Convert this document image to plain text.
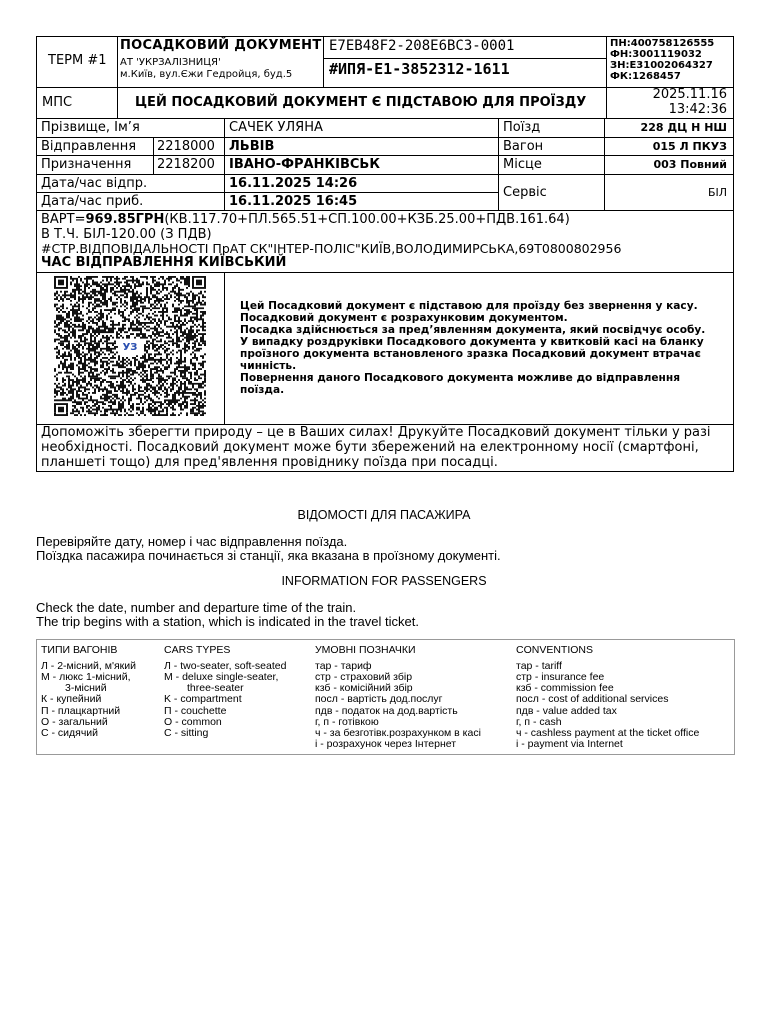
ТЕРМ #1
ПОСАДКОВИЙ ДОКУМЕНТ
АТ 'УКРЗАЛІЗНИЦЯ'
м.Київ, вул.Єжи Гедройця, буд.5
E7EB48F2-208E6BC3-0001
#ИПЯ-Е1-3852312-1611
ПН:400758126555
ФН:3001119032
ЗН:Е31002064327
ФК:1268457
МПС	ЦЕЙ ПОСАДКОВИЙ ДОКУМЕНТ Є ПІДСТАВОЮ ДЛЯ ПРОЇЗДУ
2025.11.16
13:42:36
Прізвище, Ім’я	САЧЕК УЛЯНА	Поїзд	228 ДЦ Н НШ
Відправлення 2218000 ЛЬВІВ	Вагон	015 Л ПКУЗ
Призначення 2218200 ІВАНО-ФРАНКІВСЬК	Місце	003 Повний
Дата/час відпр.	16.11.2025 14:26
Дата/час приб.	16.11.2025 16:45
Сервіс	БІЛ
ВАРТ=969.85ГРН(КВ.117.70+ПЛ.565.51+СП.100.00+КЗБ.25.00+ПДВ.161.64)
В Т.Ч. БІЛ-120.00 (З ПДВ)
#СТР.ВІДПОВІДАЛЬНОСТІ ПрАТ СК"ІНТЕР-ПОЛІС"КИЇВ,ВОЛОДИМИРСЬКА,69Т0800802956
ЧАС ВІДПРАВЛЕННЯ КИЇВСЬКИЙ
УЗ
Цей Посадковий документ є підставою для проїзду без звернення у касу.
Посадковий документ є розрахунковим документом.
Посадка здійснюється за пред’явленням документа, який посвідчує особу.
У випадку роздруківки Посадкового документа у квитковій касі на бланку
проїзного документа встановленого зразка Посадковий документ втрачає
чинність.
Повернення даного Посадкового документа можливе до відправлення
поїзда.
Допоможіть зберегти природу – це в Ваших силах! Друкуйте Посадковий документ тільки у разі
необхідності. Посадковий документ може бути збережений на електронному носії (смартфоні,
планшеті тощо) для пред'явлення провіднику поїзда при посадці.
ВІДОМОСТІ ДЛЯ ПАСАЖИРА
Перевіряйте дату, номер і час відправлення поїзда.
Поїздка пасажира починається зі станції, яка вказана в проїзному документі.
INFORMATION FOR PASSENGERS
Check the date, number and departure time of the train.
The trip begins with a station, which is indicated in the travel ticket.
ТИПИ ВАГОНІВ
Л - 2-місний, м'який
М - люкс 1-місний,
3-місний
К - купейний
П - плацкартний
О - загальний
С - сидячий
CARS TYPES
Л - two-seater, soft-seated
M - deluxe single-seater,
three-seater
K - compartment
П - couchette
O - common
C - sitting
УМОВНІ ПОЗНАЧКИ
тар - тариф
стр - страховий збір
кзб - комісійний збір
посл - вартість дод.послуг
пдв - податок на дод.вартість
г, п - готівкою
ч - за безготівк.розрахунком в касі
і - розрахунок через Інтернет
CONVENTIONS
тар - tariff
стр - insurance fee
кзб - commission fee
посл - cost of additional services
пдв - value added tax
г, п - cash
ч - cashless payment at the ticket office
і - payment via Internet
